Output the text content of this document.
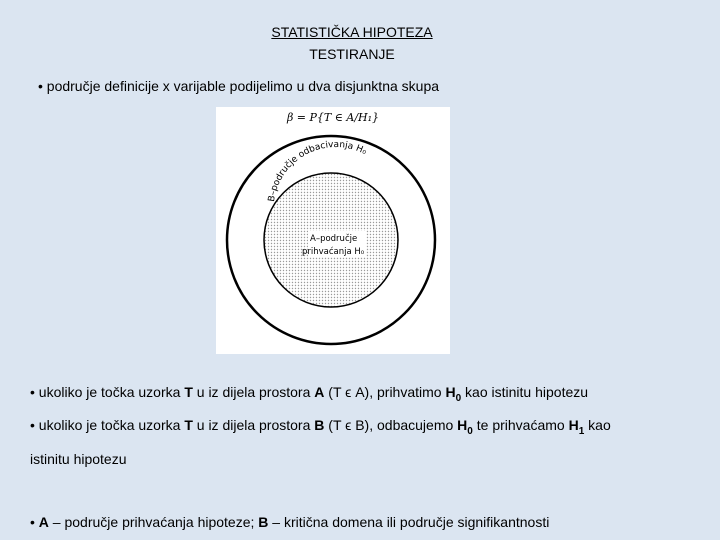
STATISTIČKA HIPOTEZA
TESTIRANJE
• područje definicije x varijable podijelimo u dva disjunktna skupa
β = P{T ∈ A/H₁}
B–područje odbacivanja H₀
A–područje
prihvaćanja H₀
• ukoliko je točka uzorka T u iz dijela prostora A (T ϵ A), prihvatimo $H_0$ kao istinitu hipotezu
• ukoliko je točka uzorka T u iz dijela prostora B (T ϵ B), odbacujemo $H_0$ te prihvaćamo $H_1$ kao
istinitu hipotezu
• A – područje prihvaćanja hipoteze; B – kritična domena ili područje signifikantnosti
